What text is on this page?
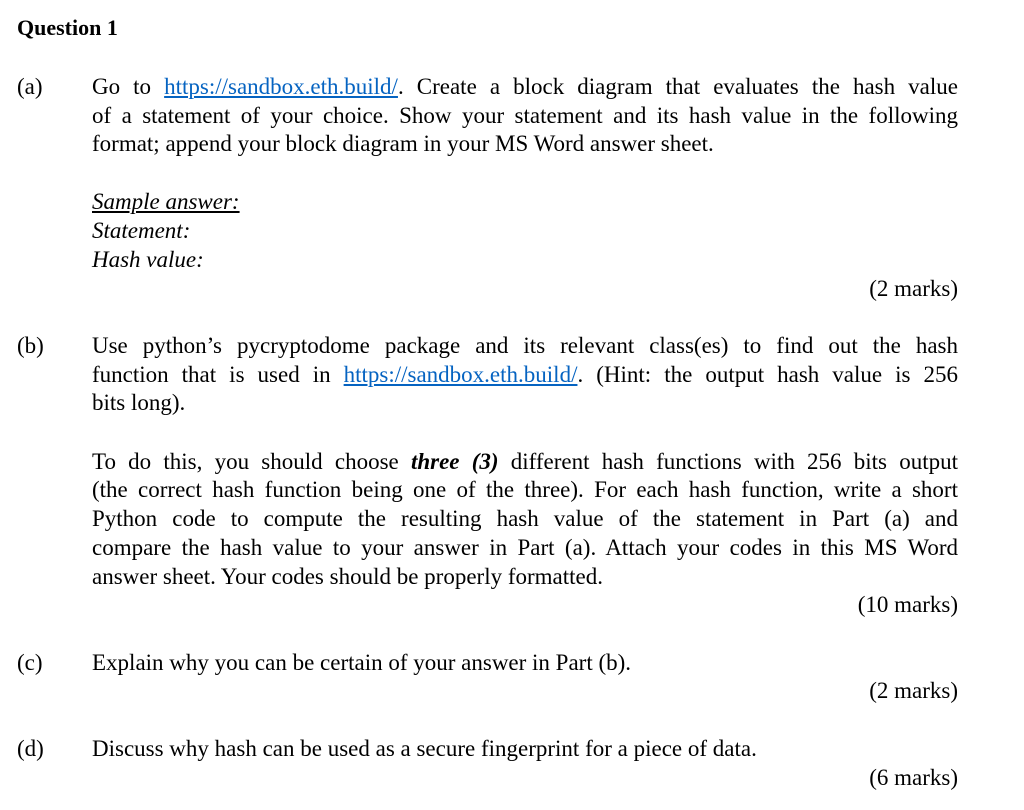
Question 1
(a) Go to https://sandbox.eth.build/. Create a block diagram that evaluates the hash value
of a statement of your choice. Show your statement and its hash value in the following
format; append your block diagram in your MS Word answer sheet.
Sample answer:
Statement:
Hash value:
(2 marks)
(b) Use python’s pycryptodome package and its relevant class(es) to find out the hash
function that is used in https://sandbox.eth.build/. (Hint: the output hash value is 256
bits long).
To do this, you should choose three (3) different hash functions with 256 bits output
(the correct hash function being one of the three). For each hash function, write a short
Python code to compute the resulting hash value of the statement in Part (a) and
compare the hash value to your answer in Part (a). Attach your codes in this MS Word
answer sheet. Your codes should be properly formatted.
(10 marks)
(c) Explain why you can be certain of your answer in Part (b).
(2 marks)
(d) Discuss why hash can be used as a secure fingerprint for a piece of data.
(6 marks)
